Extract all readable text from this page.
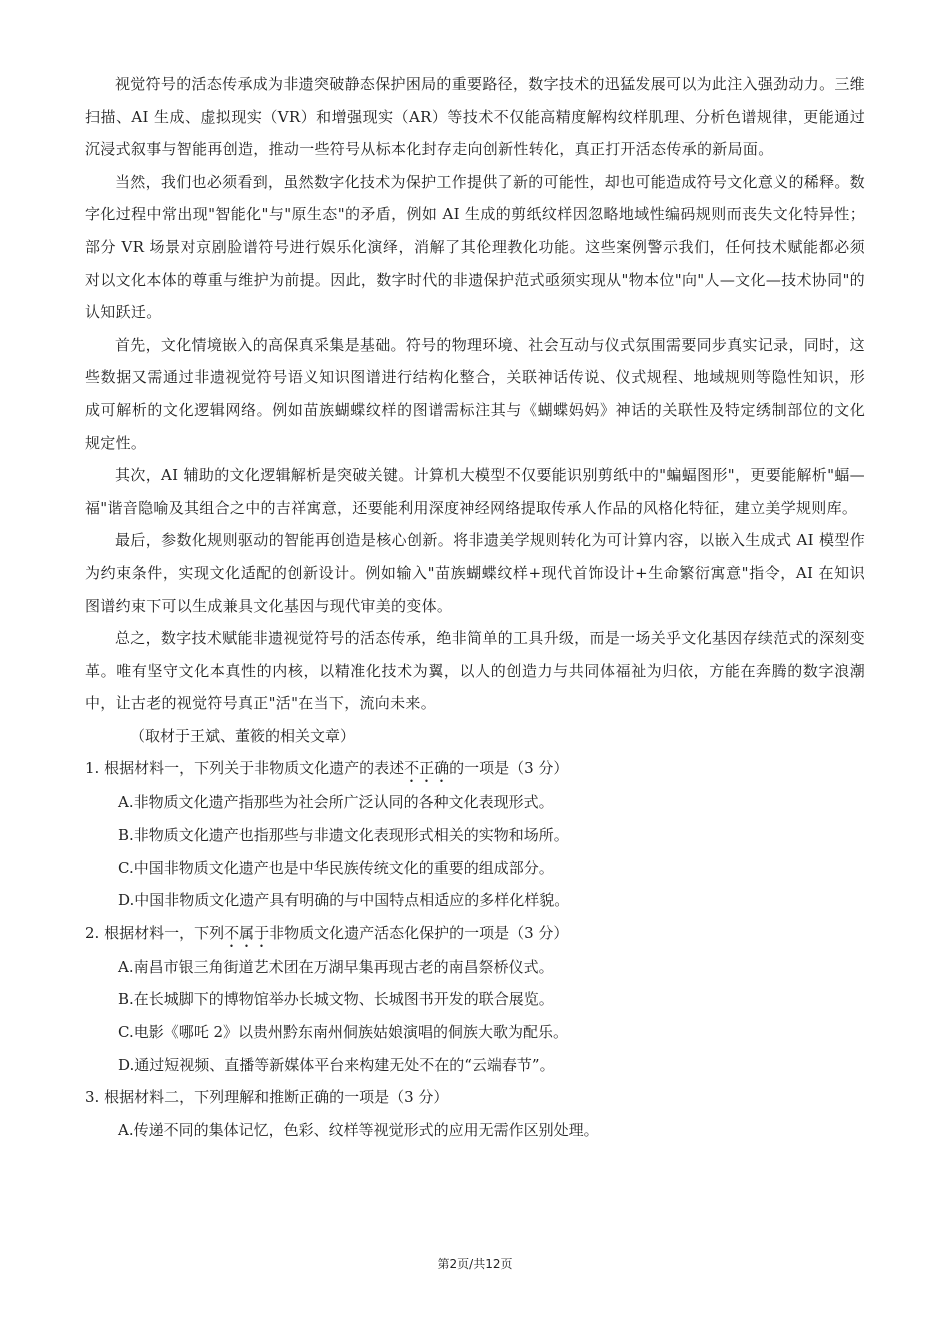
视觉符号的活态传承成为非遗突破静态保护困局的重要路径，数字技术的迅猛发展可以为此注入强劲动力。三维扫描、AI 生成、虚拟现实（VR）和增强现实（AR）等技术不仅能高精度解构纹样肌理、分析色谱规律，更能通过沉浸式叙事与智能再创造，推动一些符号从标本化封存走向创新性转化，真正打开活态传承的新局面。

当然，我们也必须看到，虽然数字化技术为保护工作提供了新的可能性，却也可能造成符号文化意义的稀释。数字化过程中常出现"智能化"与"原生态"的矛盾，例如 AI 生成的剪纸纹样因忽略地域性编码规则而丧失文化特异性；部分 VR 场景对京剧脸谱符号进行娱乐化演绎，消解了其伦理教化功能。这些案例警示我们，任何技术赋能都必须对以文化本体的尊重与维护为前提。因此，数字时代的非遗保护范式亟须实现从"物本位"向"人—文化—技术协同"的认知跃迁。

首先，文化情境嵌入的高保真采集是基础。符号的物理环境、社会互动与仪式氛围需要同步真实记录，同时，这些数据又需通过非遗视觉符号语义知识图谱进行结构化整合，关联神话传说、仪式规程、地域规则等隐性知识，形成可解析的文化逻辑网络。例如苗族蝴蝶纹样的图谱需标注其与《蝴蝶妈妈》神话的关联性及特定绣制部位的文化规定性。

其次，AI 辅助的文化逻辑解析是突破关键。计算机大模型不仅要能识别剪纸中的"蝙蝠图形"，更要能解析"蝠—福"谐音隐喻及其组合之中的吉祥寓意，还要能利用深度神经网络提取传承人作品的风格化特征，建立美学规则库。

最后，参数化规则驱动的智能再创造是核心创新。将非遗美学规则转化为可计算内容，以嵌入生成式 AI 模型作为约束条件，实现文化适配的创新设计。例如输入"苗族蝴蝶纹样+现代首饰设计+生命繁衍寓意"指令，AI 在知识图谱约束下可以生成兼具文化基因与现代审美的变体。

总之，数字技术赋能非遗视觉符号的活态传承，绝非简单的工具升级，而是一场关乎文化基因存续范式的深刻变革。唯有坚守文化本真性的内核，以精准化技术为翼，以人的创造力与共同体福祉为归依，方能在奔腾的数字浪潮中，让古老的视觉符号真正"活"在当下，流向未来。

（取材于王斌、董筱的相关文章）

1. 根据材料一，下列关于非物质文化遗产的表述不正确的一项是（3 分）

A.非物质文化遗产指那些为社会所广泛认同的各种文化表现形式。

B.非物质文化遗产也指那些与非遗文化表现形式相关的实物和场所。

C.中国非物质文化遗产也是中华民族传统文化的重要的组成部分。

D.中国非物质文化遗产具有明确的与中国特点相适应的多样化样貌。

2. 根据材料一，下列不属于非物质文化遗产活态化保护的一项是（3 分）

A.南昌市银三角街道艺术团在万湖早集再现古老的南昌祭桥仪式。

B.在长城脚下的博物馆举办长城文物、长城图书开发的联合展览。

C.电影《哪吒 2》以贵州黔东南州侗族姑娘演唱的侗族大歌为配乐。

D.通过短视频、直播等新媒体平台来构建无处不在的“云端春节”。

3. 根据材料二，下列理解和推断正确的一项是（3 分）

A.传递不同的集体记忆，色彩、纹样等视觉形式的应用无需作区别处理。

第2页/共12页
